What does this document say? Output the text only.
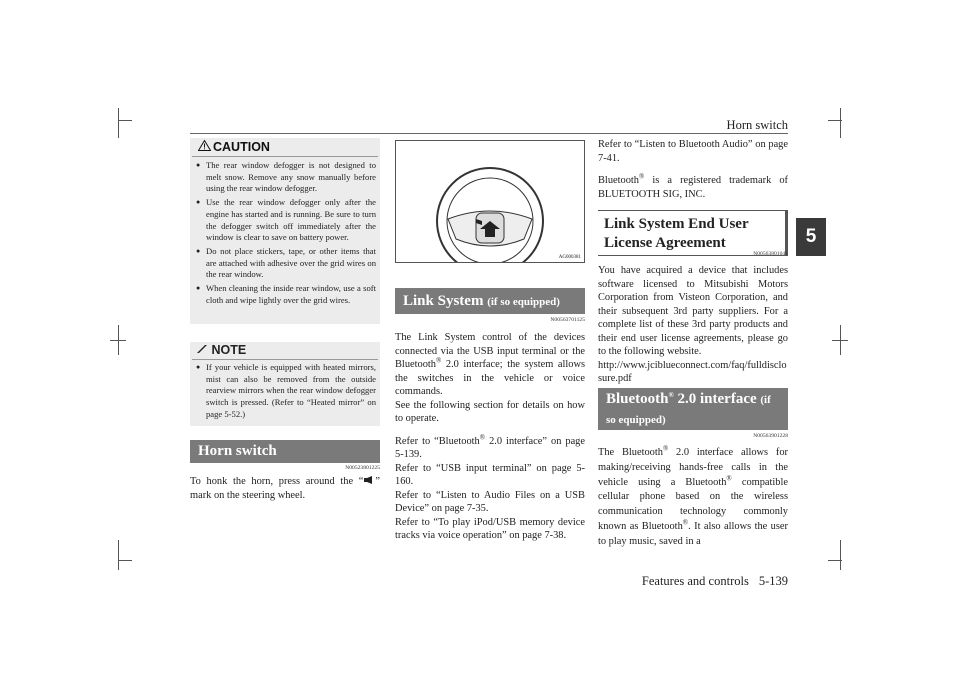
Horn switch
5
CAUTION
● The rear window defogger is not designed to melt snow. Remove any snow manually before using the rear window defogger.
● Use the rear window defogger only after the engine has started and is running. Be sure to turn the defogger switch off immediately after the window is clear to save on battery power.
● Do not place stickers, tape, or other items that are attached with adhesive over the grid wires on the rear window.
● When cleaning the inside rear window, use a soft cloth and wipe lightly over the grid wires.
NOTE
● If your vehicle is equipped with heated mirrors, mist can also be removed from the outside rearview mirrors when the rear window defogger switch is pressed. (Refer to “Heated mirror” on page 5-52.)
Horn switch
N00523801225
To honk the horn, press around the “ ” mark on the steering wheel.
AG000381
Link System (if so equipped)
N00563701125

The Link System control of the devices connected via the USB input terminal or the Bluetooth® 2.0 interface; the system allows the switches in the vehicle or voice commands.

See the following section for details on how to operate.

Refer to “Bluetooth® 2.0 interface” on page 5-139.

Refer to “USB input terminal” on page 5-160.

Refer to “Listen to Audio Files on a USB Device” on page 7-35.

Refer to “To play iPod/USB memory device tracks via voice operation” on page 7-38.

Refer to “Listen to Bluetooth Audio” on page 7-41.

Bluetooth® is a registered trademark of BLUETOOTH SIG, INC.

Link System End User License Agreement
N00563801041

You have acquired a device that includes software licensed to Mitsubishi Motors Corporation from Visteon Corporation, and their subsequent 3rd party suppliers. For a complete list of these 3rd party products and their end user license agreements, please go to the following website.

http://www.jciblueconnect.com/faq/fulldisclosure.pdf

Bluetooth® 2.0 interface (if so equipped)
N00563901228
The Bluetooth® 2.0 interface allows for making/receiving hands-free calls in the vehicle using a Bluetooth® compatible cellular phone based on the wireless communication technology commonly known as Bluetooth®. It also allows the user to play music, saved in a
Features and controls 5-139
